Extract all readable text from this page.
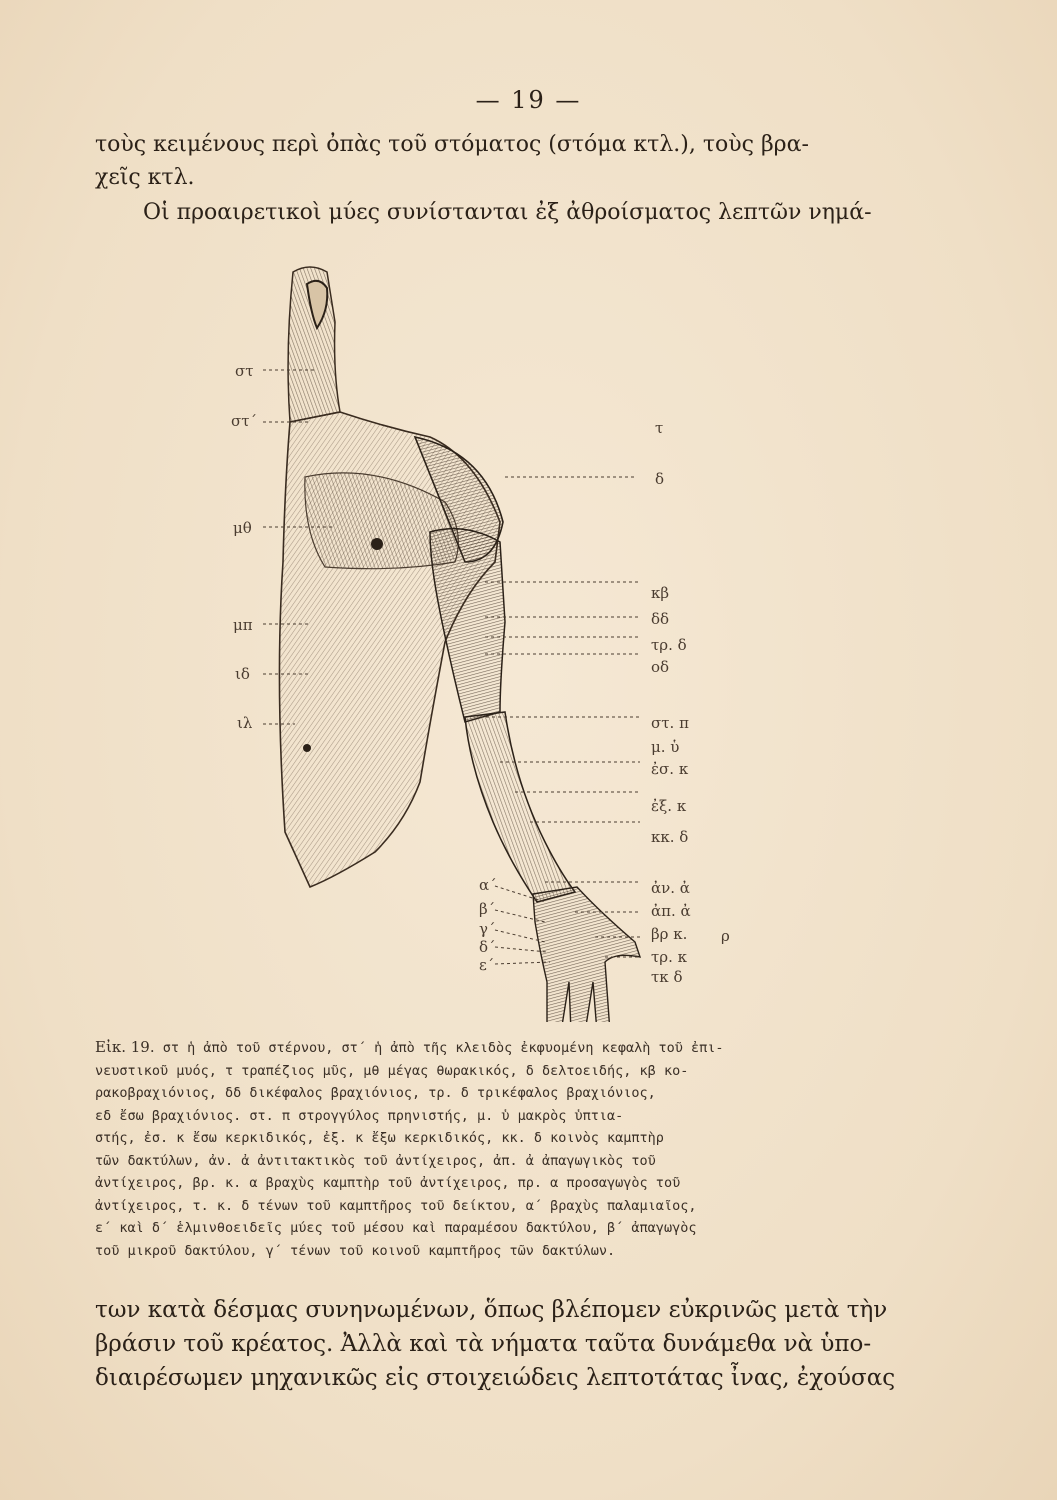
— 19 —
τοὺς κειμένους περὶ ὀπὰς τοῦ στόματος (στόμα κτλ.), τοὺς βρα-
χεῖς κτλ.
Οἱ προαιρετικοὶ μύες συνίστανται ἐξ ἀθροίσματος λεπτῶν νημά-
στ
στ΄
μθ
μπ
ιδ
ιλ
τ
δ
κβ
δδ
τρ. δ
οδ
στ. π
μ. ὑ
ἐσ. κ
ἐξ. κ
κκ. δ
ἀν. ἀ
ἀπ. ἀ
βρ κ.
τρ. κ
τκ δ
ρ
α΄
β΄
γ΄
δ΄
ε΄
Εἰκ. 19. στ ἡ ἀπὸ τοῦ στέρνου, στ΄ ἡ ἀπὸ τῆς κλειδὸς ἐκφυομένη κεφαλὴ τοῦ ἐπι-
νευστικοῦ μυός, τ τραπέζιος μῦς, μθ μέγας θωρακικός, δ δελτοειδής, κβ κο-
ρακοβραχιόνιος, δδ δικέφαλος βραχιόνιος, τρ. δ τρικέφαλος βραχιόνιος,
εδ ἔσω βραχιόνιος. στ. π στρογγύλος πρηνιστής, μ. ὑ μακρὸς ὑπτια-
στής, ἐσ. κ ἔσω κερκιδικός, ἐξ. κ ἔξω κερκιδικός, κκ. δ κοινὸς καμπτὴρ
τῶν δακτύλων, ἀν. ἀ ἀντιτακτικὸς τοῦ ἀντίχειρος, ἀπ. ἀ ἀπαγωγικὸς τοῦ
ἀντίχειρος, βρ. κ. α βραχὺς καμπτὴρ τοῦ ἀντίχειρος, πρ. α προσαγωγὸς τοῦ
ἀντίχειρος, τ. κ. δ τένων τοῦ καμπτῆρος τοῦ δείκτου, α΄ βραχὺς παλαμιαῖος,
ε΄ καὶ δ΄ ἑλμινθοειδεῖς μύες τοῦ μέσου καὶ παραμέσου δακτύλου, β΄ ἀπαγωγὸς
τοῦ μικροῦ δακτύλου, γ΄ τένων τοῦ κοινοῦ καμπτῆρος τῶν δακτύλων.
των κατὰ δέσμας συνηνωμένων, ὅπως βλέπομεν εὐκρινῶς μετὰ τὴν
βράσιν τοῦ κρέατος. Ἀλλὰ καὶ τὰ νήματα ταῦτα δυνάμεθα νὰ ὑπο-
διαιρέσωμεν μηχανικῶς εἰς στοιχειώδεις λεπτοτάτας ἶνας, ἐχούσας
